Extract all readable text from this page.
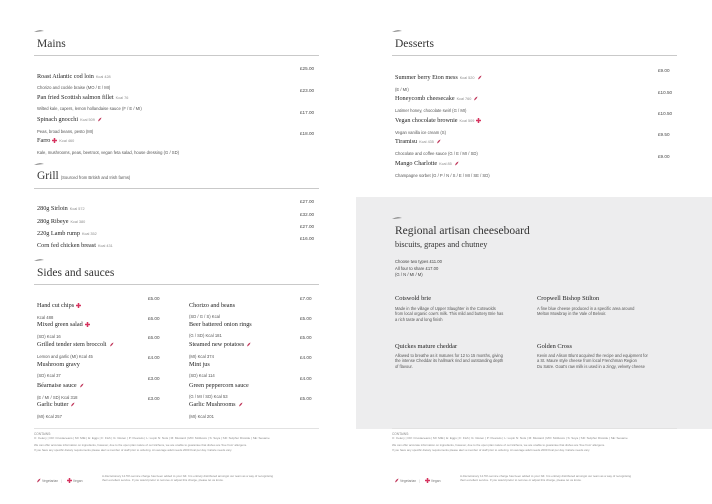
Mains
Roast Atlantic cod loin Kcal 428
Chorizo and cockle braise (MO / E / MI)
£25.00
Pan fried Scottish salmon fillet Kcal 76
Wilted kale, capers, lemon hollandaise sauce (F / E / MI)
£23.00
Spinach gnocchi Kcal 509
Peas, broad beans, pesto (MI)
£17.00
Farro Kcal 460
Kale, mushrooms, peas, beetroot, vegan feta salad, house dressing (G / SD)
£18.00
Grill (Sourced from British and Irish farms)
280g Sirloin Kcal 572
£27.00
280g Ribeye Kcal 380
£32.00
220g Lamb rump Kcal 352
£27.00
Corn fed chicken breast Kcal 431
£16.00
Sides and sauces
Hand cut chips
Kcal 488
£5.00
Mixed green salad
(SD) Kcal 16
£6.00
Grilled tender stem broccoli
Lemon and garlic (MI) Kcal 45
£6.00
Mushroom gravy
(SD) Kcal 37
£4.00
Béarnaise sauce
(E / MI / SD) Kcal 318
£3.00
Garlic butter
(MI) Kcal 257
£3.00
Chorizo and beans
(SD / G / S) Kcal
£7.00
Beer battered onion rings
(G / SD) Kcal 181
£5.00
Steamed new potatoes
(MI) Kcal 374
£5.00
Mint jus
(SD) Kcal 114
£4.00
Green peppercorn sauce
(G / MI / SD) Kcal 53
£4.00
Garlic Mushrooms
(MI) Kcal 201
£5.00
CONTAINS:
C: Celery | CR: Crustaceans | MI: Milk | E: Eggs | F: Fish | G: Gluten | P: Peanuts | L: Lupin N: Nuts | M: Mustard | MO: Molluscs | S: Soya | SD: Sulphur Dioxide | SE: Sesame
We can offer accurate information on ingredients, however, due to the open plan nature of our kitchens, we are unable to guarantee that dishes are 'free from' allergens.
If you have any specific dietary requirements please alert a member of staff prior to ordering. An average adult needs 2000 Kcal per day. Calorie needs vary.
Vegetarian |	Vegan
A discretionary 12.5% service charge has been added to your bill. It is entirely distributed amongst our team as a way of recognising
their excellent service. If you would prefer to remove or adjust this charge, please let us know.
Desserts
Summer berry Eton mess Kcal 520
(E / MI)
£9.00
Honeycomb cheesecake Kcal 760
Latimer honey, chocolate swirl (G / MI)
£10.50
Vegan chocolate brownie Kcal 509
Vegan vanilla ice cream (S)
£10.50
Tiramisu Kcal 435
Chocolate and coffee sauce (G / E / MI / SD)
£9.50
Mango Charlotte Kcal 85
Champagne sorbet (G / P / N / S / E / MI / SE / SD)
£9.00
Regional artisan cheeseboard
biscuits, grapes and chutney
Choose two types £11.00
All four to share £17.00
(G / N / MI / M)
Cotswold brie
Made in the village of Upper Slaughter in the Cotswolds
from local organic cow's milk. This mild and buttery Brie has
a rich taste and long finish
Cropwell Bishop Stilton
A fine blue cheese produced in a specific area around
Melton Mowbray in the Vale of Belvoir.
Quickes mature cheddar
Allowed to breathe as it matures for 12 to 15 months, giving
the intense Cheddar its hallmark rind and outstanding depth
of flavour.
Golden Cross
Kevin and Alison Blunt acquired the recipe and equipment for
a St. Maure style cheese from local Frenchman Region
Du Satre. Goat's raw milk is used in a zingy, velvety cheese
CONTAINS:
C: Celery | CR: Crustaceans | MI: Milk | E: Eggs | F: Fish | G: Gluten | P: Peanuts | L: Lupin N: Nuts | M: Mustard | MO: Molluscs | S: Soya | SD: Sulphur Dioxide | SE: Sesame
We can offer accurate information on ingredients, however, due to the open plan nature of our kitchens, we are unable to guarantee that dishes are 'free from' allergens.
If you have any specific dietary requirements please alert a member of staff prior to ordering. An average adult needs 2000 Kcal per day. Calorie needs vary.
Vegetarian |	Vegan
A discretionary 12.5% service charge has been added to your bill. It is entirely distributed amongst our team as a way of recognising
their excellent service. If you would prefer to remove or adjust this charge, please let us know.
